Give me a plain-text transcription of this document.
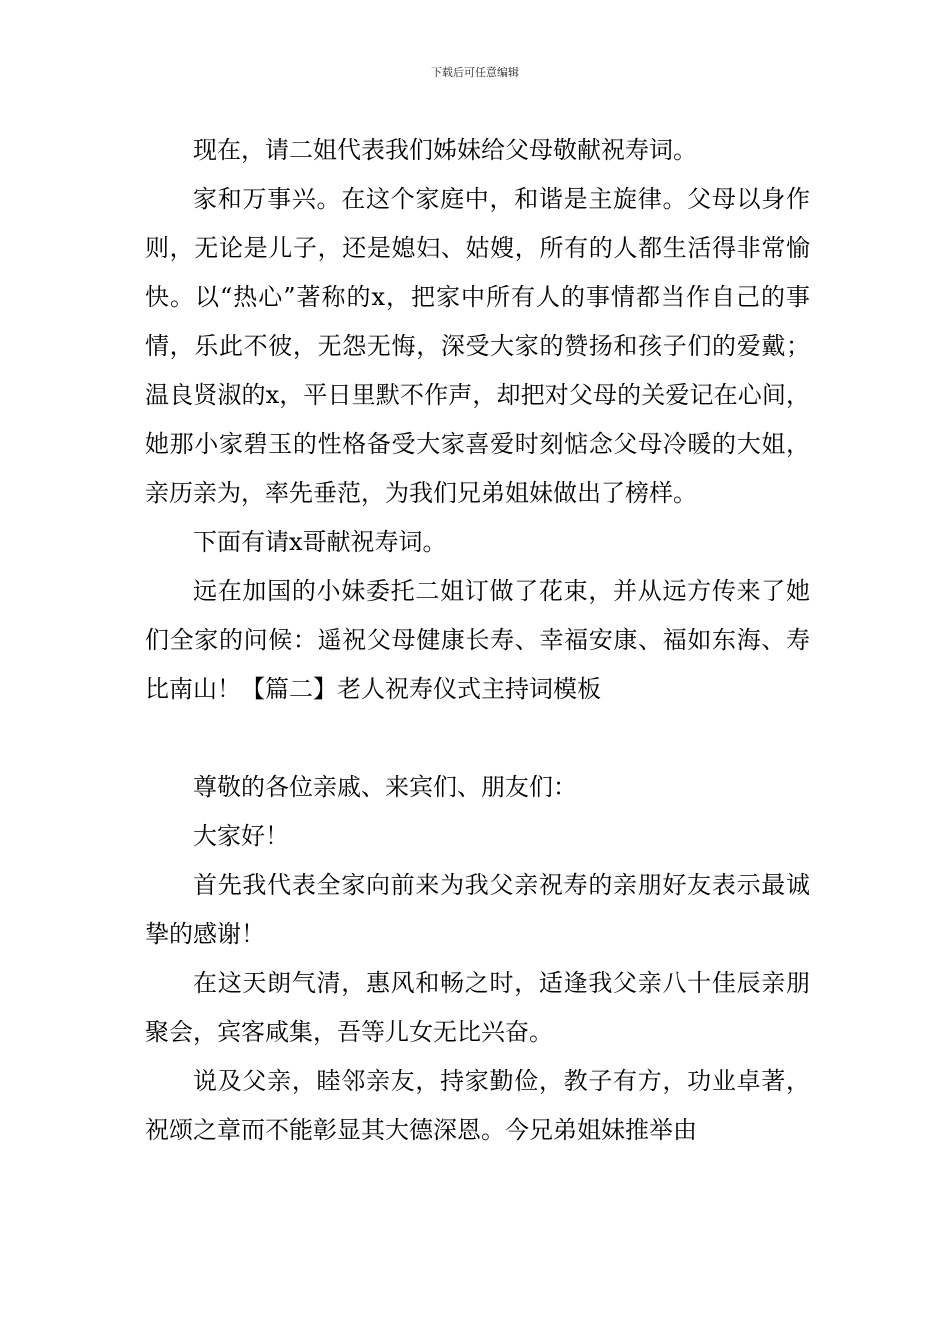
下载后可任意编辑

现在，请二姐代表我们姊妹给父母敬献祝寿词。

家和万事兴。在这个家庭中，和谐是主旋律。父母以身作则，无论是儿子，还是媳妇、姑嫂，所有的人都生活得非常愉快。以“热心”著称的x，把家中所有人的事情都当作自己的事情，乐此不彼，无怨无悔，深受大家的赞扬和孩子们的爱戴；温良贤淑的x，平日里默不作声，却把对父母的关爱记在心间，她那小家碧玉的性格备受大家喜爱时刻惦念父母冷暖的大姐，亲历亲为，率先垂范，为我们兄弟姐妹做出了榜样。

下面有请x哥献祝寿词。

远在加国的小妹委托二姐订做了花束，并从远方传来了她们全家的问候：遥祝父母健康长寿、幸福安康、福如东海、寿比南山！【篇二】老人祝寿仪式主持词模板

尊敬的各位亲戚、来宾们、朋友们：

大家好！

首先我代表全家向前来为我父亲祝寿的亲朋好友表示最诚挚的感谢！

在这天朗气清，惠风和畅之时，适逢我父亲八十佳辰亲朋聚会，宾客咸集，吾等儿女无比兴奋。

说及父亲，睦邻亲友，持家勤俭，教子有方，功业卓著，祝颂之章而不能彰显其大德深恩。今兄弟姐妹推举由
